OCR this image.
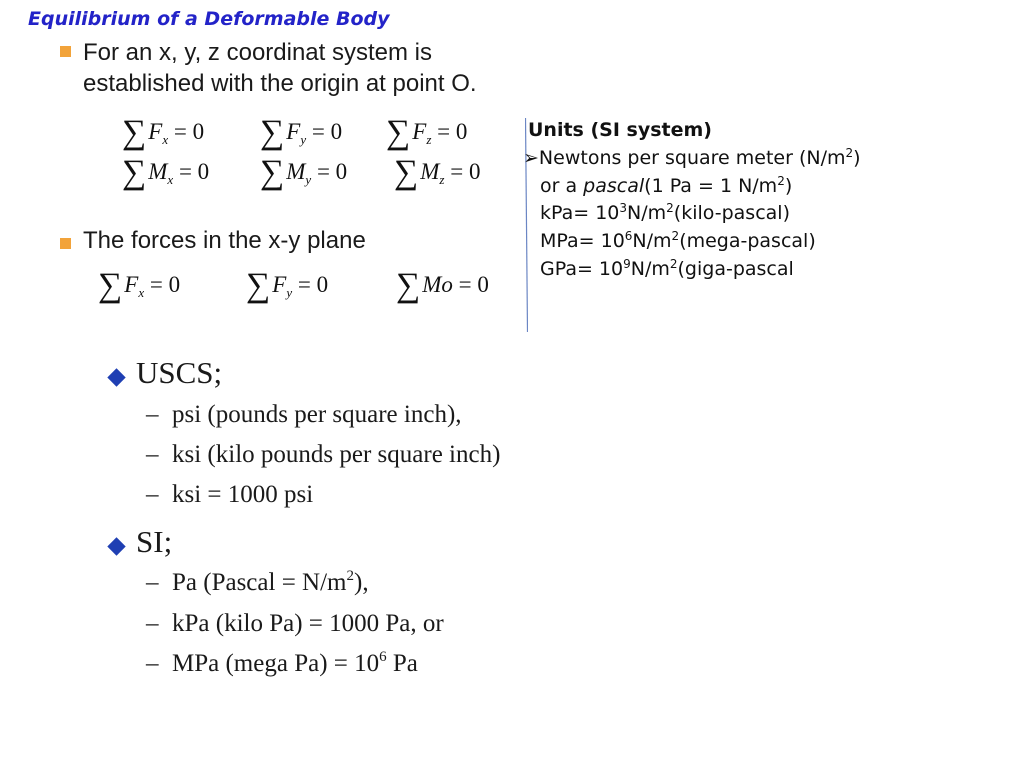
Equilibrium of a Deformable Body
For an x, y, z coordinat system is
established with the origin at point O.
$\sum F_x = 0$ $\sum F_y = 0$ $\sum F_z = 0$
$\sum M_x = 0$ $\sum M_y = 0$ $\sum M_z = 0$
The forces in the x-y plane
$\sum F_x = 0$ $\sum F_y = 0$ ∑Mo = 0
Units (SI system)
➢Newtons per square meter $(N/m^2)$
or a pascal(1 Pa = 1 $N/m^2$)
$kPa= 10^3N/m^2(kilo-pascal)$
$MPa= 10^6N/m^2(mega-pascal)$
$GPa= 10^9N/m^2(giga$-pascal
USCS;
– psi (pounds per square inch),
– ksi (kilo pounds per square inch)
– ksi = 1000 psi
SI;
– Pa (Pascal = $N/m^2$),
– kPa (kilo Pa) = 1000 Pa, or
– MPa (mega $Pa) = 10^6$ Pa
